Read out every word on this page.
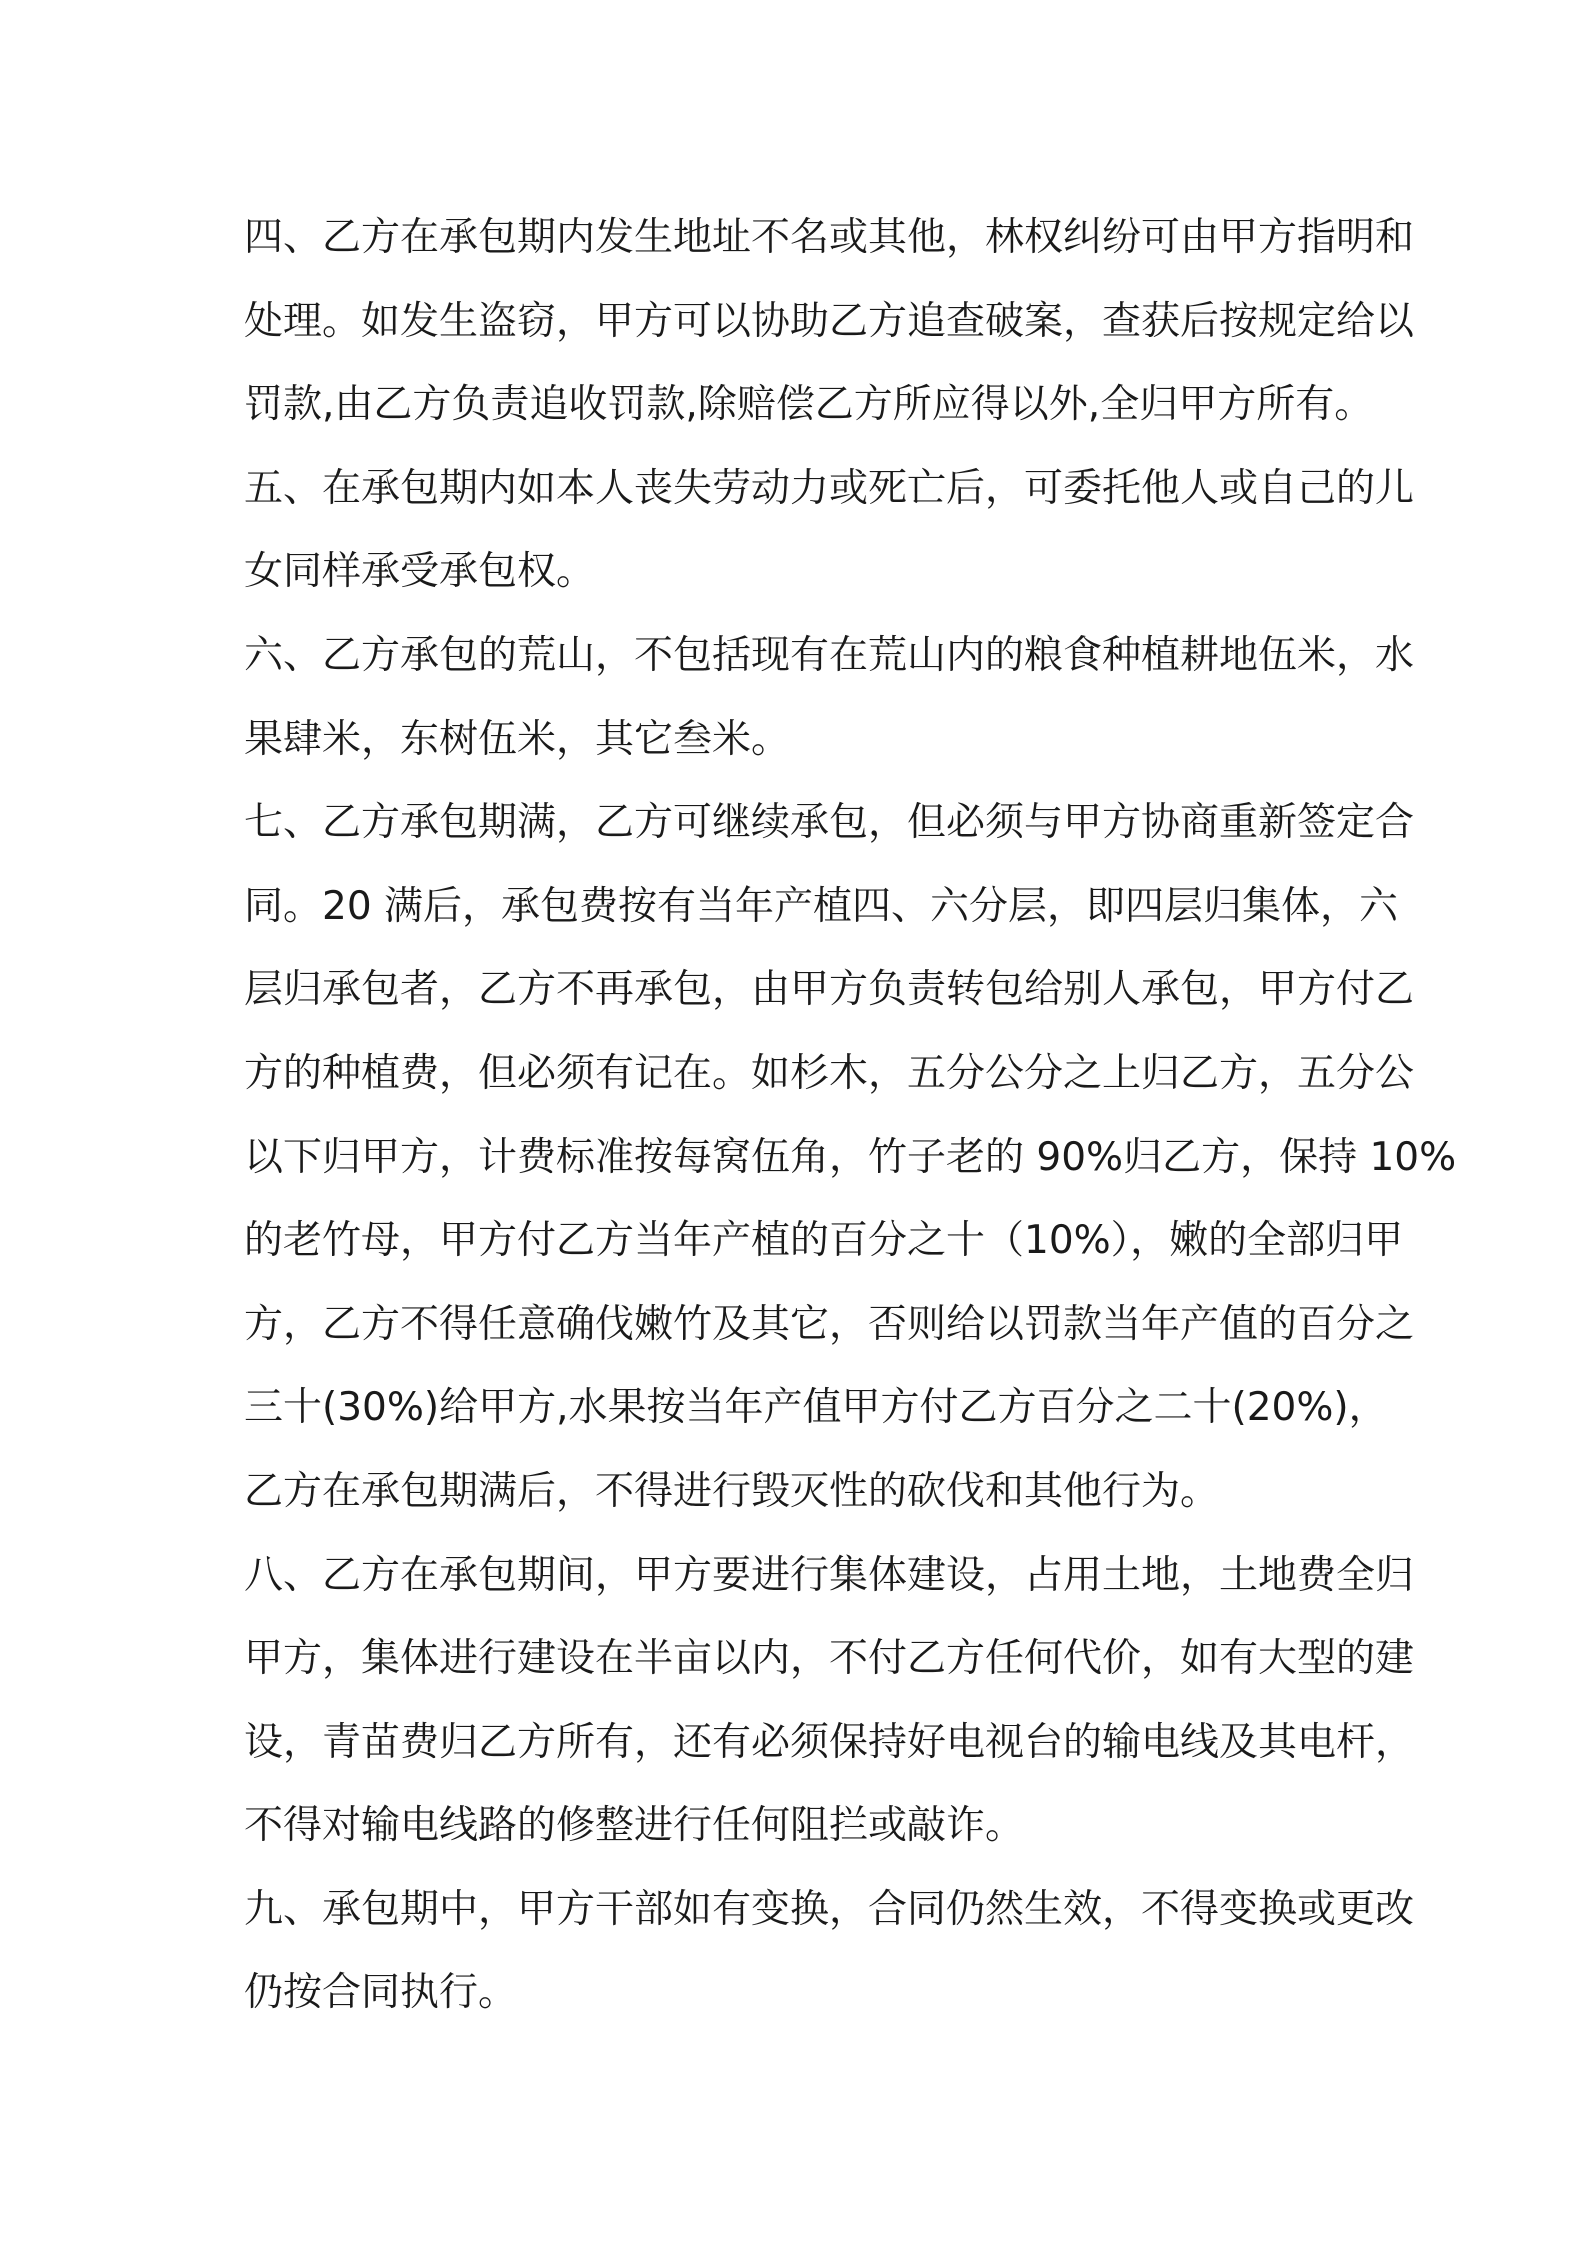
四、乙方在承包期内发生地址不名或其他，林权纠纷可由甲方指明和
处理。如发生盗窃，甲方可以协助乙方追查破案，查获后按规定给以
罚款,由乙方负责追收罚款,除赔偿乙方所应得以外,全归甲方所有。
五、在承包期内如本人丧失劳动力或死亡后，可委托他人或自己的儿
女同样承受承包权。
六、乙方承包的荒山，不包括现有在荒山内的粮食种植耕地伍米，水
果肆米，东树伍米，其它叁米。
七、乙方承包期满，乙方可继续承包，但必须与甲方协商重新签定合
同。20 满后，承包费按有当年产植四、六分层，即四层归集体，六
层归承包者，乙方不再承包，由甲方负责转包给别人承包，甲方付乙
方的种植费，但必须有记在。如杉木，五分公分之上归乙方，五分公
以下归甲方，计费标准按每窝伍角，竹子老的 90%归乙方，保持 10%
的老竹母，甲方付乙方当年产植的百分之十（10%），嫩的全部归甲
方，乙方不得任意确伐嫩竹及其它，否则给以罚款当年产值的百分之
三十(30%)给甲方,水果按当年产值甲方付乙方百分之二十(20%)，
乙方在承包期满后，不得进行毁灭性的砍伐和其他行为。
八、乙方在承包期间，甲方要进行集体建设，占用土地，土地费全归
甲方，集体进行建设在半亩以内，不付乙方任何代价，如有大型的建
设，青苗费归乙方所有，还有必须保持好电视台的输电线及其电杆，
不得对输电线路的修整进行任何阻拦或敲诈。
九、承包期中，甲方干部如有变换，合同仍然生效，不得变换或更改
仍按合同执行。
